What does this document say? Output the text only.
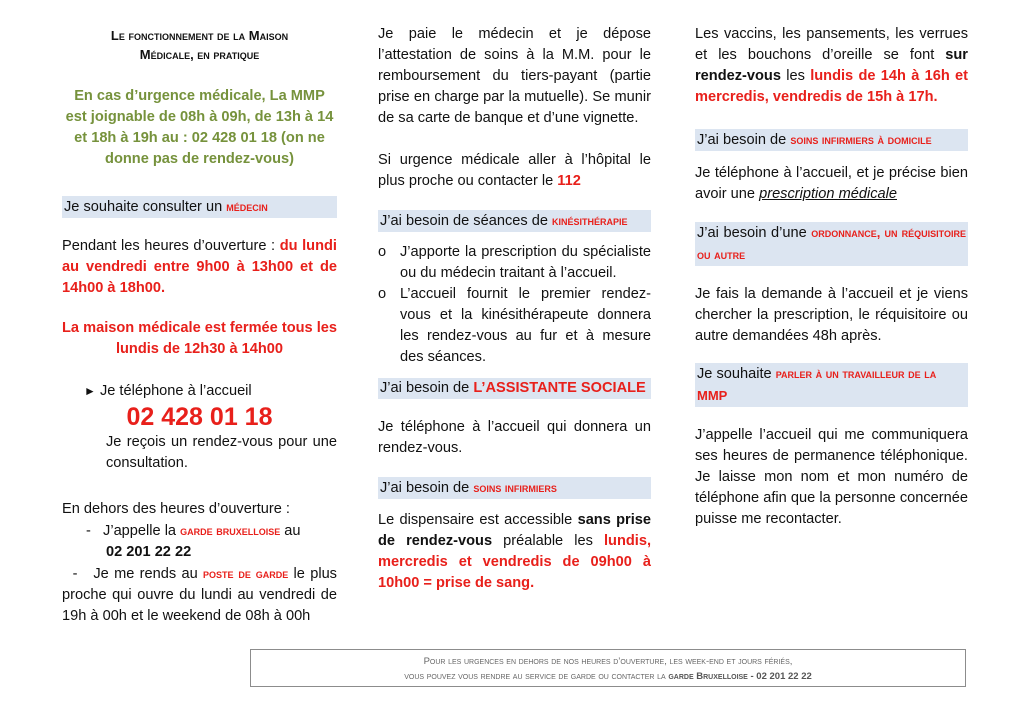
Le fonctionnement de la Maison
Médicale, en pratique

En cas d’urgence médicale, La MMP est joignable de 08h à 09h, de 13h à 14 et 18h à 19h au : 02 428 01 18 (on ne donne pas de rendez-vous)

Je souhaite consulter un médecin

Pendant les heures d’ouverture : du lundi au vendredi entre 9h00 à 13h00 et de 14h00 à 18h00.

La maison médicale est fermée tous les lundis de 12h30 à 14h00

► Je téléphone à l’accueil

02 428 01 18

Je reçois un rendez-vous pour une consultation.

En dehors des heures d’ouverture :

-   J’appelle la garde bruxelloise au
02 201 22 22

-   Je me rends au poste de garde le plus proche qui ouvre du lundi au vendredi de 19h à 00h et le weekend de 08h à 00h

Je paie le médecin et je dépose l’attestation de soins à la M.M. pour le remboursement du tiers-payant (partie prise en charge par la mutuelle). Se munir de sa carte de banque et d’une vignette.

Si urgence médicale aller à l’hôpital le plus proche ou contacter le 112

J’ai besoin de séances de kinésithérapie

o J’apporte la prescription du spécialiste ou du médecin traitant à l’accueil.
o L’accueil fournit le premier rendez-vous et la kinésithérapeute donnera les rendez-vous au fur et à mesure des séances.

J’ai besoin de L’ASSISTANTE SOCIALE

Je téléphone à l’accueil qui donnera un rendez-vous.

J’ai besoin de soins infirmiers

Le dispensaire est accessible sans prise de rendez-vous préalable les lundis, mercredis et vendredis de 09h00 à 10h00 = prise de sang.

Les vaccins, les pansements, les verrues et les bouchons d’oreille se font sur rendez-vous les lundis de 14h à 16h et mercredis, vendredis de 15h à 17h.

J’ai besoin de soins infirmiers à domicile

Je téléphone à l’accueil, et je précise bien avoir une prescription médicale

J’ai besoin d’une ordonnance, un réquisitoire ou autre

Je fais la demande à l’accueil et je viens chercher la prescription, le réquisitoire ou autre demandées 48h après.

Je souhaite parler à un travailleur de la MMP

J’appelle l’accueil qui me communiquera ses heures de permanence téléphonique. Je laisse mon nom et mon numéro de téléphone afin que la personne concernée puisse me recontacter.

Pour les urgences en dehors de nos heures d’ouverture, les week-end et jours fériés,
vous pouvez vous rendre au service de garde ou contacter la garde Bruxelloise - 02 201 22 22
